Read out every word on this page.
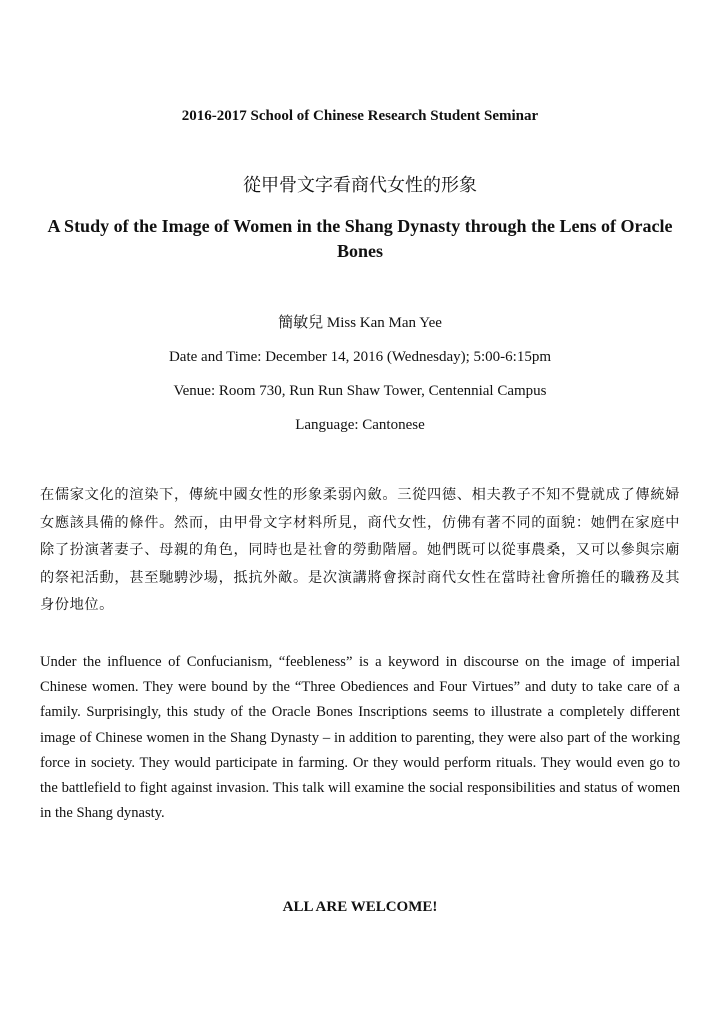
2016-2017 School of Chinese Research Student Seminar
從甲骨文字看商代女性的形象
A Study of the Image of Women in the Shang Dynasty through the Lens of Oracle Bones
簡敏兒 Miss Kan Man Yee
Date and Time: December 14, 2016 (Wednesday); 5:00-6:15pm
Venue: Room 730, Run Run Shaw Tower, Centennial Campus
Language: Cantonese

在儒家文化的渲染下，傳統中國女性的形象柔弱內斂。三從四德、相夫教子不知不覺就成了傳統婦女應該具備的條件。然而，由甲骨文字材料所見，商代女性，仿佛有著不同的面貌：她們在家庭中除了扮演著妻子、母親的角色，同時也是社會的勞動階層。她們既可以從事農桑，又可以參與宗廟的祭祀活動，甚至馳騁沙場，抵抗外敵。是次演講將會探討商代女性在當時社會所擔任的職務及其身份地位。

Under the influence of Confucianism, “feebleness” is a keyword in discourse on the image of imperial Chinese women. They were bound by the “Three Obediences and Four Virtues” and duty to take care of a family. Surprisingly, this study of the Oracle Bones Inscriptions seems to illustrate a completely different image of Chinese women in the Shang Dynasty – in addition to parenting, they were also part of the working force in society. They would participate in farming. Or they would perform rituals. They would even go to the battlefield to fight against invasion. This talk will examine the social responsibilities and status of women in the Shang dynasty.

ALL ARE WELCOME!
